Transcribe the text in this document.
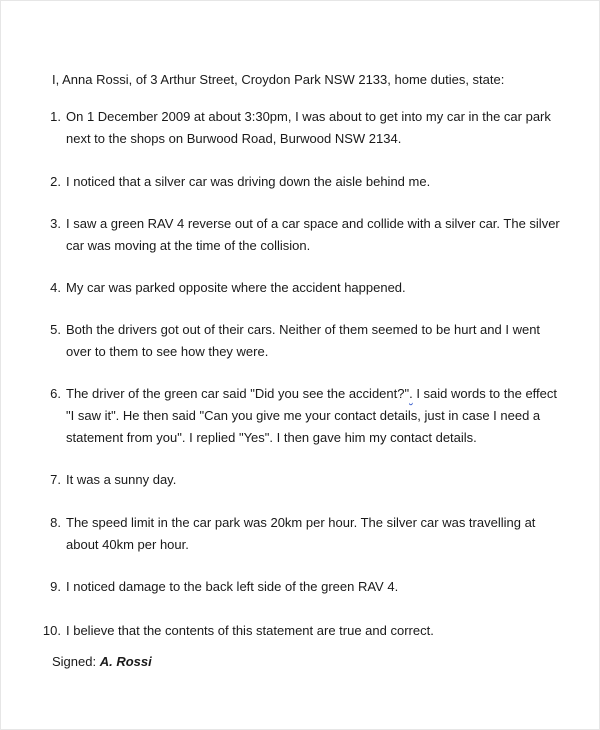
I, Anna Rossi, of 3 Arthur Street, Croydon Park NSW 2133, home duties, state:
1. On 1 December 2009 at about 3:30pm, I was about to get into my car in the car park next to the shops on Burwood Road, Burwood NSW 2134.
2. I noticed that a silver car was driving down the aisle behind me.
3. I saw a green RAV 4 reverse out of a car space and collide with a silver car. The silver car was moving at the time of the collision.
4. My car was parked opposite where the accident happened.
5. Both the drivers got out of their cars. Neither of them seemed to be hurt and I went over to them to see how they were.
6. The driver of the green car said "Did you see the accident?". I said words to the effect "I saw it". He then said "Can you give me your contact details, just in case I need a statement from you". I replied "Yes". I then gave him my contact details.
7. It was a sunny day.
8. The speed limit in the car park was 20km per hour. The silver car was travelling at about 40km per hour.
9. I noticed damage to the back left side of the green RAV 4.
10. I believe that the contents of this statement are true and correct.
Signed: A. Rossi
